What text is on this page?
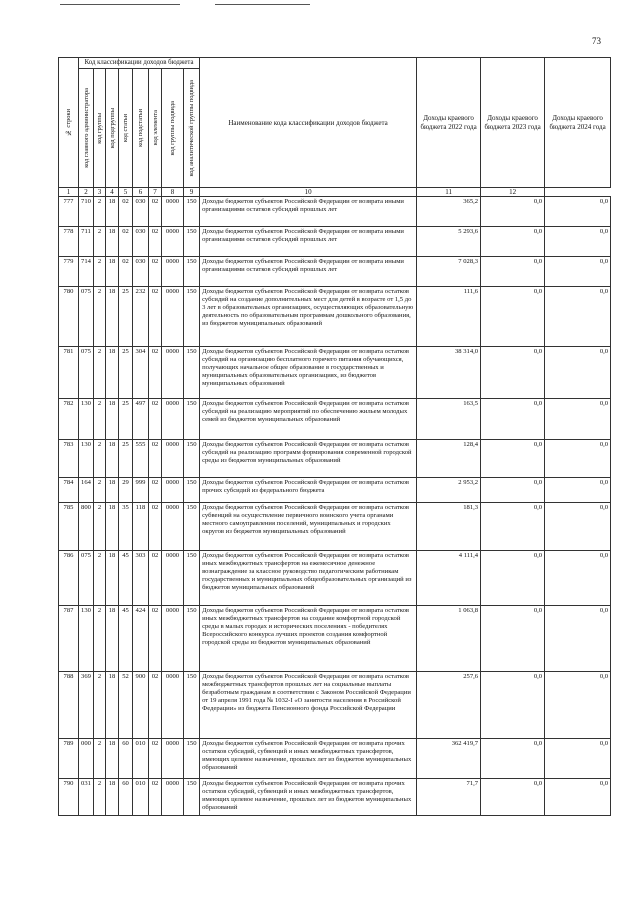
73
№ строки	Код классификации доходов бюджета								Наименование кода классификации доходов бюджета	Доходы краевого бюджета 2022 года	Доходы краевого бюджета 2023 года	Доходы краевого бюджета 2024 года

	код главного администратора	код группы	код подгруппы	код статьи	код подстатьи	код элемента	код группы подвида	код аналитической группы подвида				

1	2	3	4	5	6	7	8	9	10	11	12	
777	710	2	18	02	030	02	0000	150	Доходы бюджетов субъектов Российской Федерации от возврата иными организациями остатков субсидий прошлых лет	365,2	0,0	0,0
778	711	2	18	02	030	02	0000	150	Доходы бюджетов субъектов Российской Федерации от возврата иными организациями остатков субсидий прошлых лет	5 293,6	0,0	0,0
779	714	2	18	02	030	02	0000	150	Доходы бюджетов субъектов Российской Федерации от возврата иными организациями остатков субсидий прошлых лет	7 028,3	0,0	0,0
780	075	2	18	25	232	02	0000	150	Доходы бюджетов субъектов Российской Федерации от возврата остатков субсидий на создание дополнительных мест для детей в возрасте от 1,5 до 3 лет в образовательных организациях, осуществляющих образовательную деятельность по образовательным программам дошкольного образования, из бюджетов муниципальных образований	111,6	0,0	0,0
781	075	2	18	25	304	02	0000	150	Доходы бюджетов субъектов Российской Федерации от возврата остатков субсидий на организацию бесплатного горячего питания обучающихся, получающих начальное общее образование в государственных и муниципальных образовательных организациях, из бюджетов муниципальных образований	38 314,0	0,0	0,0
782	130	2	18	25	497	02	0000	150	Доходы бюджетов субъектов Российской Федерации от возврата остатков субсидий на реализацию мероприятий по обеспечению жильем молодых семей из бюджетов муниципальных образований	163,5	0,0	0,0
783	130	2	18	25	555	02	0000	150	Доходы бюджетов субъектов Российской Федерации от возврата остатков субсидий на реализацию программ формирования современной городской среды из бюджетов муниципальных образований	128,4	0,0	0,0
784	164	2	18	29	999	02	0000	150	Доходы бюджетов субъектов Российской Федерации от возврата остатков прочих субсидий из федерального бюджета	2 953,2	0,0	0,0
785	800	2	18	35	118	02	0000	150	Доходы бюджетов субъектов Российской Федерации от возврата остатков субвенций на осуществление первичного воинского учета органами местного самоуправления поселений, муниципальных и городских округов из бюджетов муниципальных образований	181,3	0,0	0,0
786	075	2	18	45	303	02	0000	150	Доходы бюджетов субъектов Российской Федерации от возврата остатков иных межбюджетных трансфертов на ежемесячное денежное вознаграждение за классное руководство педагогическим работникам государственных и муниципальных общеобразовательных организаций из бюджетов муниципальных образований	4 111,4	0,0	0,0
787	130	2	18	45	424	02	0000	150	Доходы бюджетов субъектов Российской Федерации от возврата остатков иных межбюджетных трансфертов на создание комфортной городской среды в малых городах и исторических поселениях - победителях Всероссийского конкурса лучших проектов создания комфортной городской среды из бюджетов муниципальных образований	1 063,8	0,0	0,0
788	369	2	18	52	900	02	0000	150	Доходы бюджетов субъектов Российской Федерации от возврата остатков межбюджетных трансфертов прошлых лет на социальные выплаты безработным гражданам в соответствии с Законом Российской Федерации от 19 апреля 1991 года № 1032-I «О занятости населения в Российской Федерации» из бюджета Пенсионного фонда Российской Федерации	257,6	0,0	0,0
789	000	2	18	60	010	02	0000	150	Доходы бюджетов субъектов Российской Федерации от возврата прочих остатков субсидий, субвенций и иных межбюджетных трансфертов, имеющих целевое назначение, прошлых лет из бюджетов муниципальных образований	362 419,7	0,0	0,0
790	031	2	18	60	010	02	0000	150	Доходы бюджетов субъектов Российской Федерации от возврата прочих остатков субсидий, субвенций и иных межбюджетных трансфертов, имеющих целевое назначение, прошлых лет из бюджетов муниципальных образований	71,7	0,0	0,0
